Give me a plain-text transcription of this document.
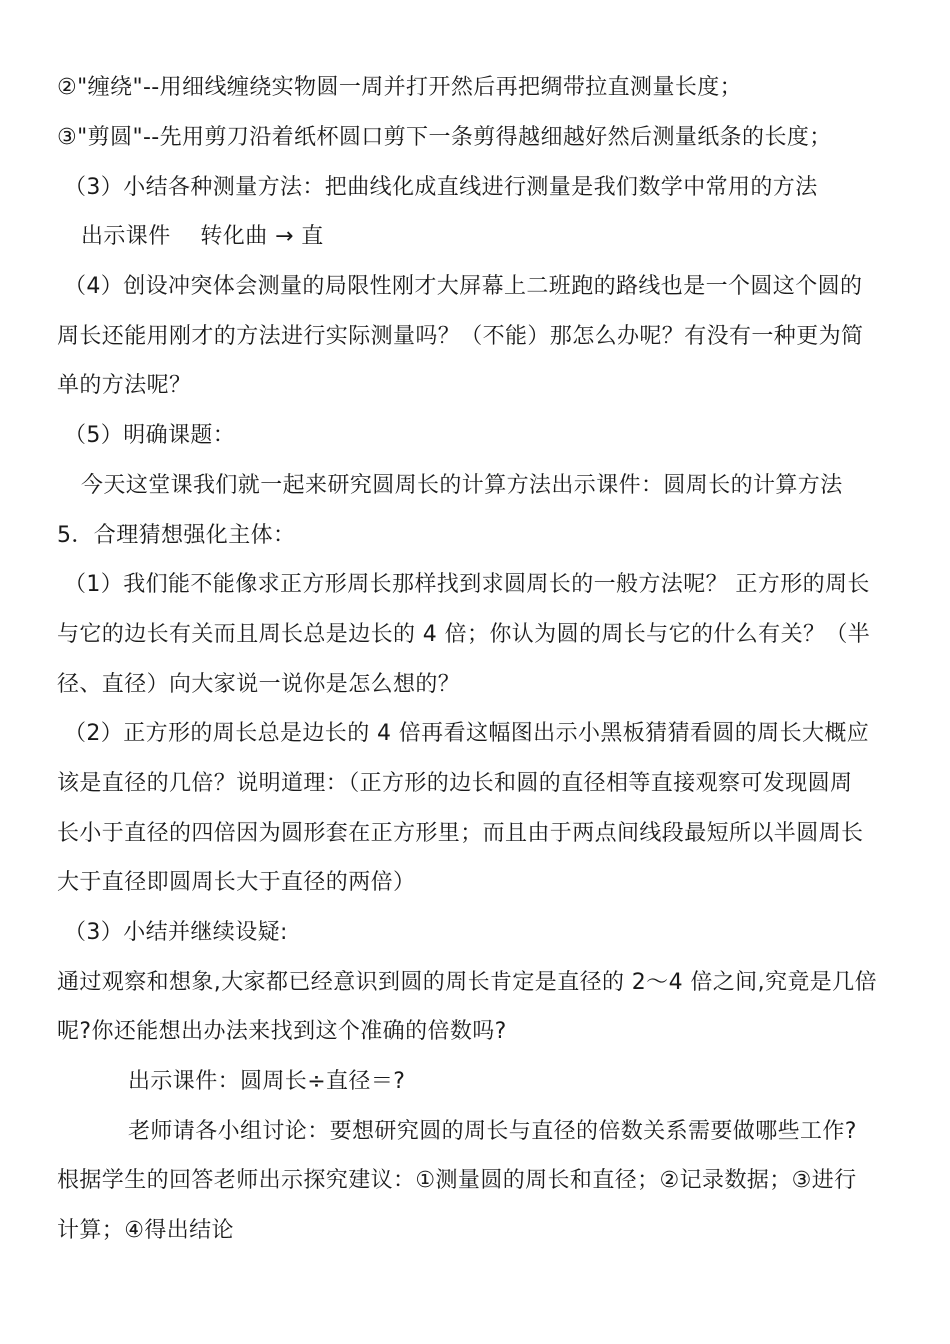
②"缠绕"--用细线缠绕实物圆一周并打开然后再把绸带拉直测量长度；
③"剪圆"--先用剪刀沿着纸杯圆口剪下一条剪得越细越好然后测量纸条的长度；
（3）小结各种测量方法：把曲线化成直线进行测量是我们数学中常用的方法
出示课件　 转化曲 → 直
（4）创设冲突体会测量的局限性刚才大屏幕上二班跑的路线也是一个圆这个圆的
周长还能用刚才的方法进行实际测量吗？（不能）那怎么办呢？有没有一种更为简
单的方法呢？
（5）明确课题：
今天这堂课我们就一起来研究圆周长的计算方法出示课件：圆周长的计算方法
5．合理猜想强化主体：
（1）我们能不能像求正方形周长那样找到求圆周长的一般方法呢？ 正方形的周长
与它的边长有关而且周长总是边长的 4 倍；你认为圆的周长与它的什么有关？（半
径、直径）向大家说一说你是怎么想的？
（2）正方形的周长总是边长的 4 倍再看这幅图出示小黑板猜猜看圆的周长大概应
该是直径的几倍？说明道理：（正方形的边长和圆的直径相等直接观察可发现圆周
长小于直径的四倍因为圆形套在正方形里；而且由于两点间线段最短所以半圆周长
大于直径即圆周长大于直径的两倍）
（3）小结并继续设疑:
通过观察和想象,大家都已经意识到圆的周长肯定是直径的 2～4 倍之间,究竟是几倍
呢?你还能想出办法来找到这个准确的倍数吗?
出示课件：圆周长÷直径＝?
老师请各小组讨论：要想研究圆的周长与直径的倍数关系需要做哪些工作?
根据学生的回答老师出示探究建议：①测量圆的周长和直径；②记录数据；③进行
计算；④得出结论
